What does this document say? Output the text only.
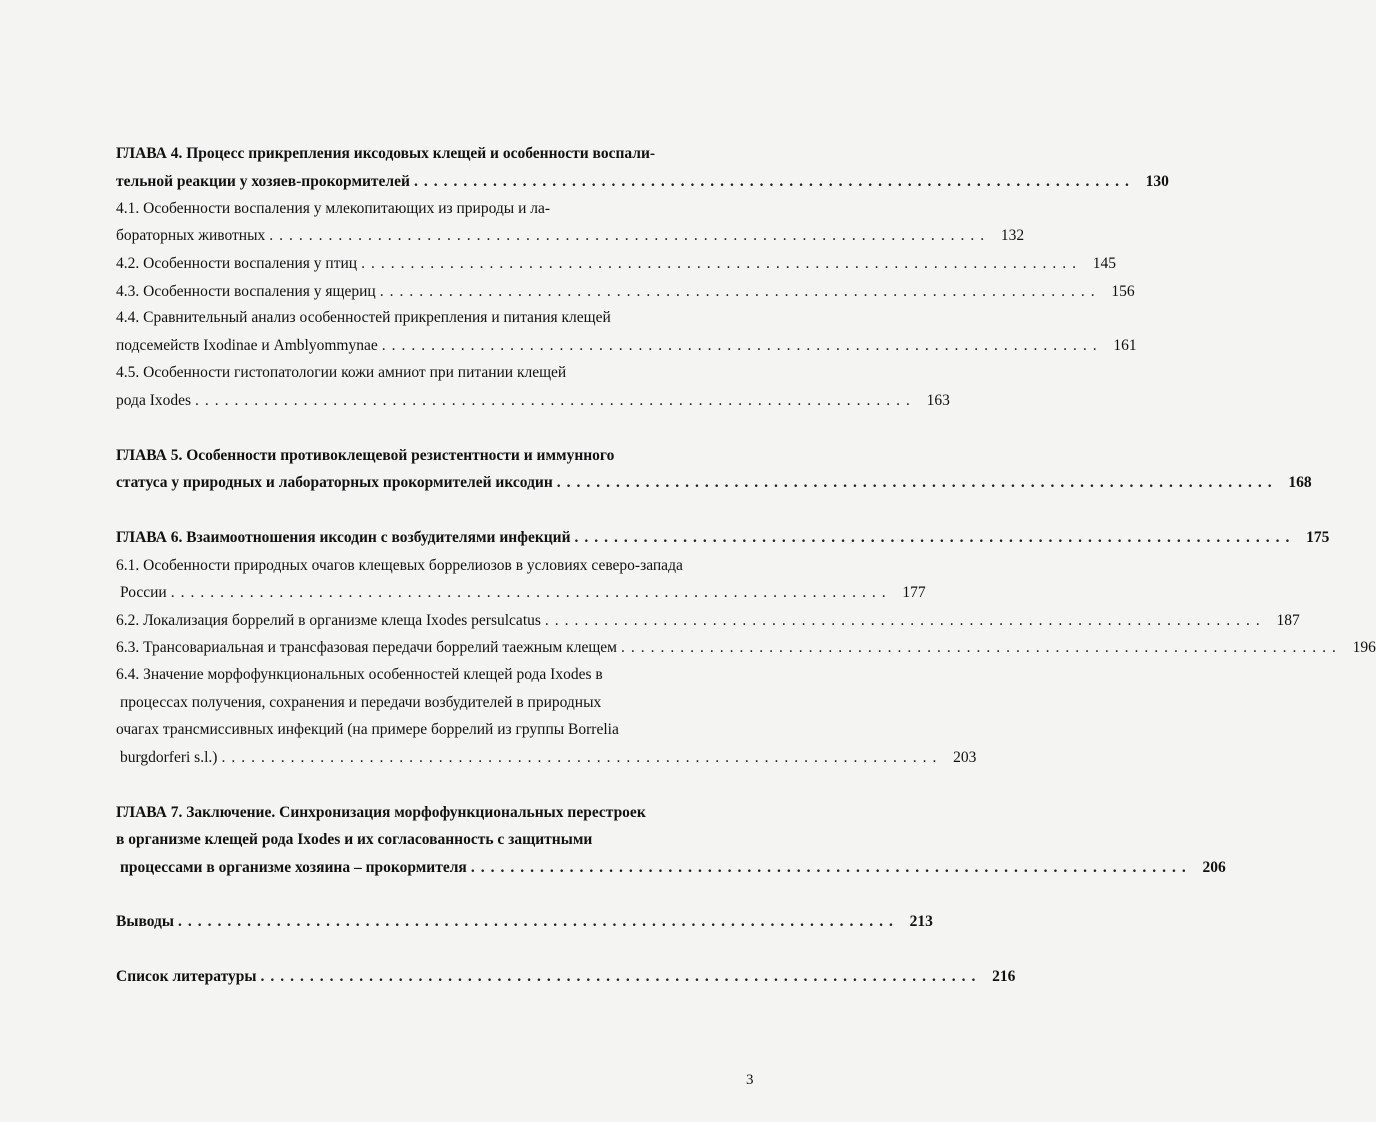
ГЛАВА 4. Процесс прикрепления иксодовых клещей и особенности воспали-
тельной реакции у хозяев-прокормителей ......................................................................... 130
4.1. Особенности воспаления у млекопитающих из природы и ла-
бораторных животных ......................................................................... 132
4.2. Особенности воспаления у птиц ......................................................................... 145
4.3. Особенности воспаления у ящериц ......................................................................... 156
4.4. Сравнительный анализ особенностей прикрепления и питания клещей
подсемейств Ixodinae и Amblyommynae ......................................................................... 161
4.5. Особенности гистопатологии кожи амниот при питании клещей
рода Ixodes ......................................................................... 163
ГЛАВА 5. Особенности противоклещевой резистентности и иммунного
статуса у природных и лабораторных прокормителей иксодин ......................................................................... 168
ГЛАВА 6. Взаимоотношения иксодин с возбудителями инфекций ......................................................................... 175
6.1. Особенности природных очагов клещевых боррелиозов в условиях северо-запада
России ......................................................................... 177
6.2. Локализация боррелий в организме клеща Ixodes persulcatus ......................................................................... 187
6.3. Трансовариальная и трансфазовая передачи боррелий таежным клещем ......................................................................... 196
6.4. Значение морфофункциональных особенностей клещей рода Ixodes в
процессах получения, сохранения и передачи возбудителей в природных
очагах трансмиссивных инфекций (на примере боррелий из группы Borrelia
burgdorferi s.l.) ......................................................................... 203
ГЛАВА 7. Заключение. Синхронизация морфофункциональных перестроек
в организме клещей рода Ixodes и их согласованность с защитными
процессами в организме хозяина – прокормителя ......................................................................... 206
Выводы ......................................................................... 213
Список литературы ......................................................................... 216
3
